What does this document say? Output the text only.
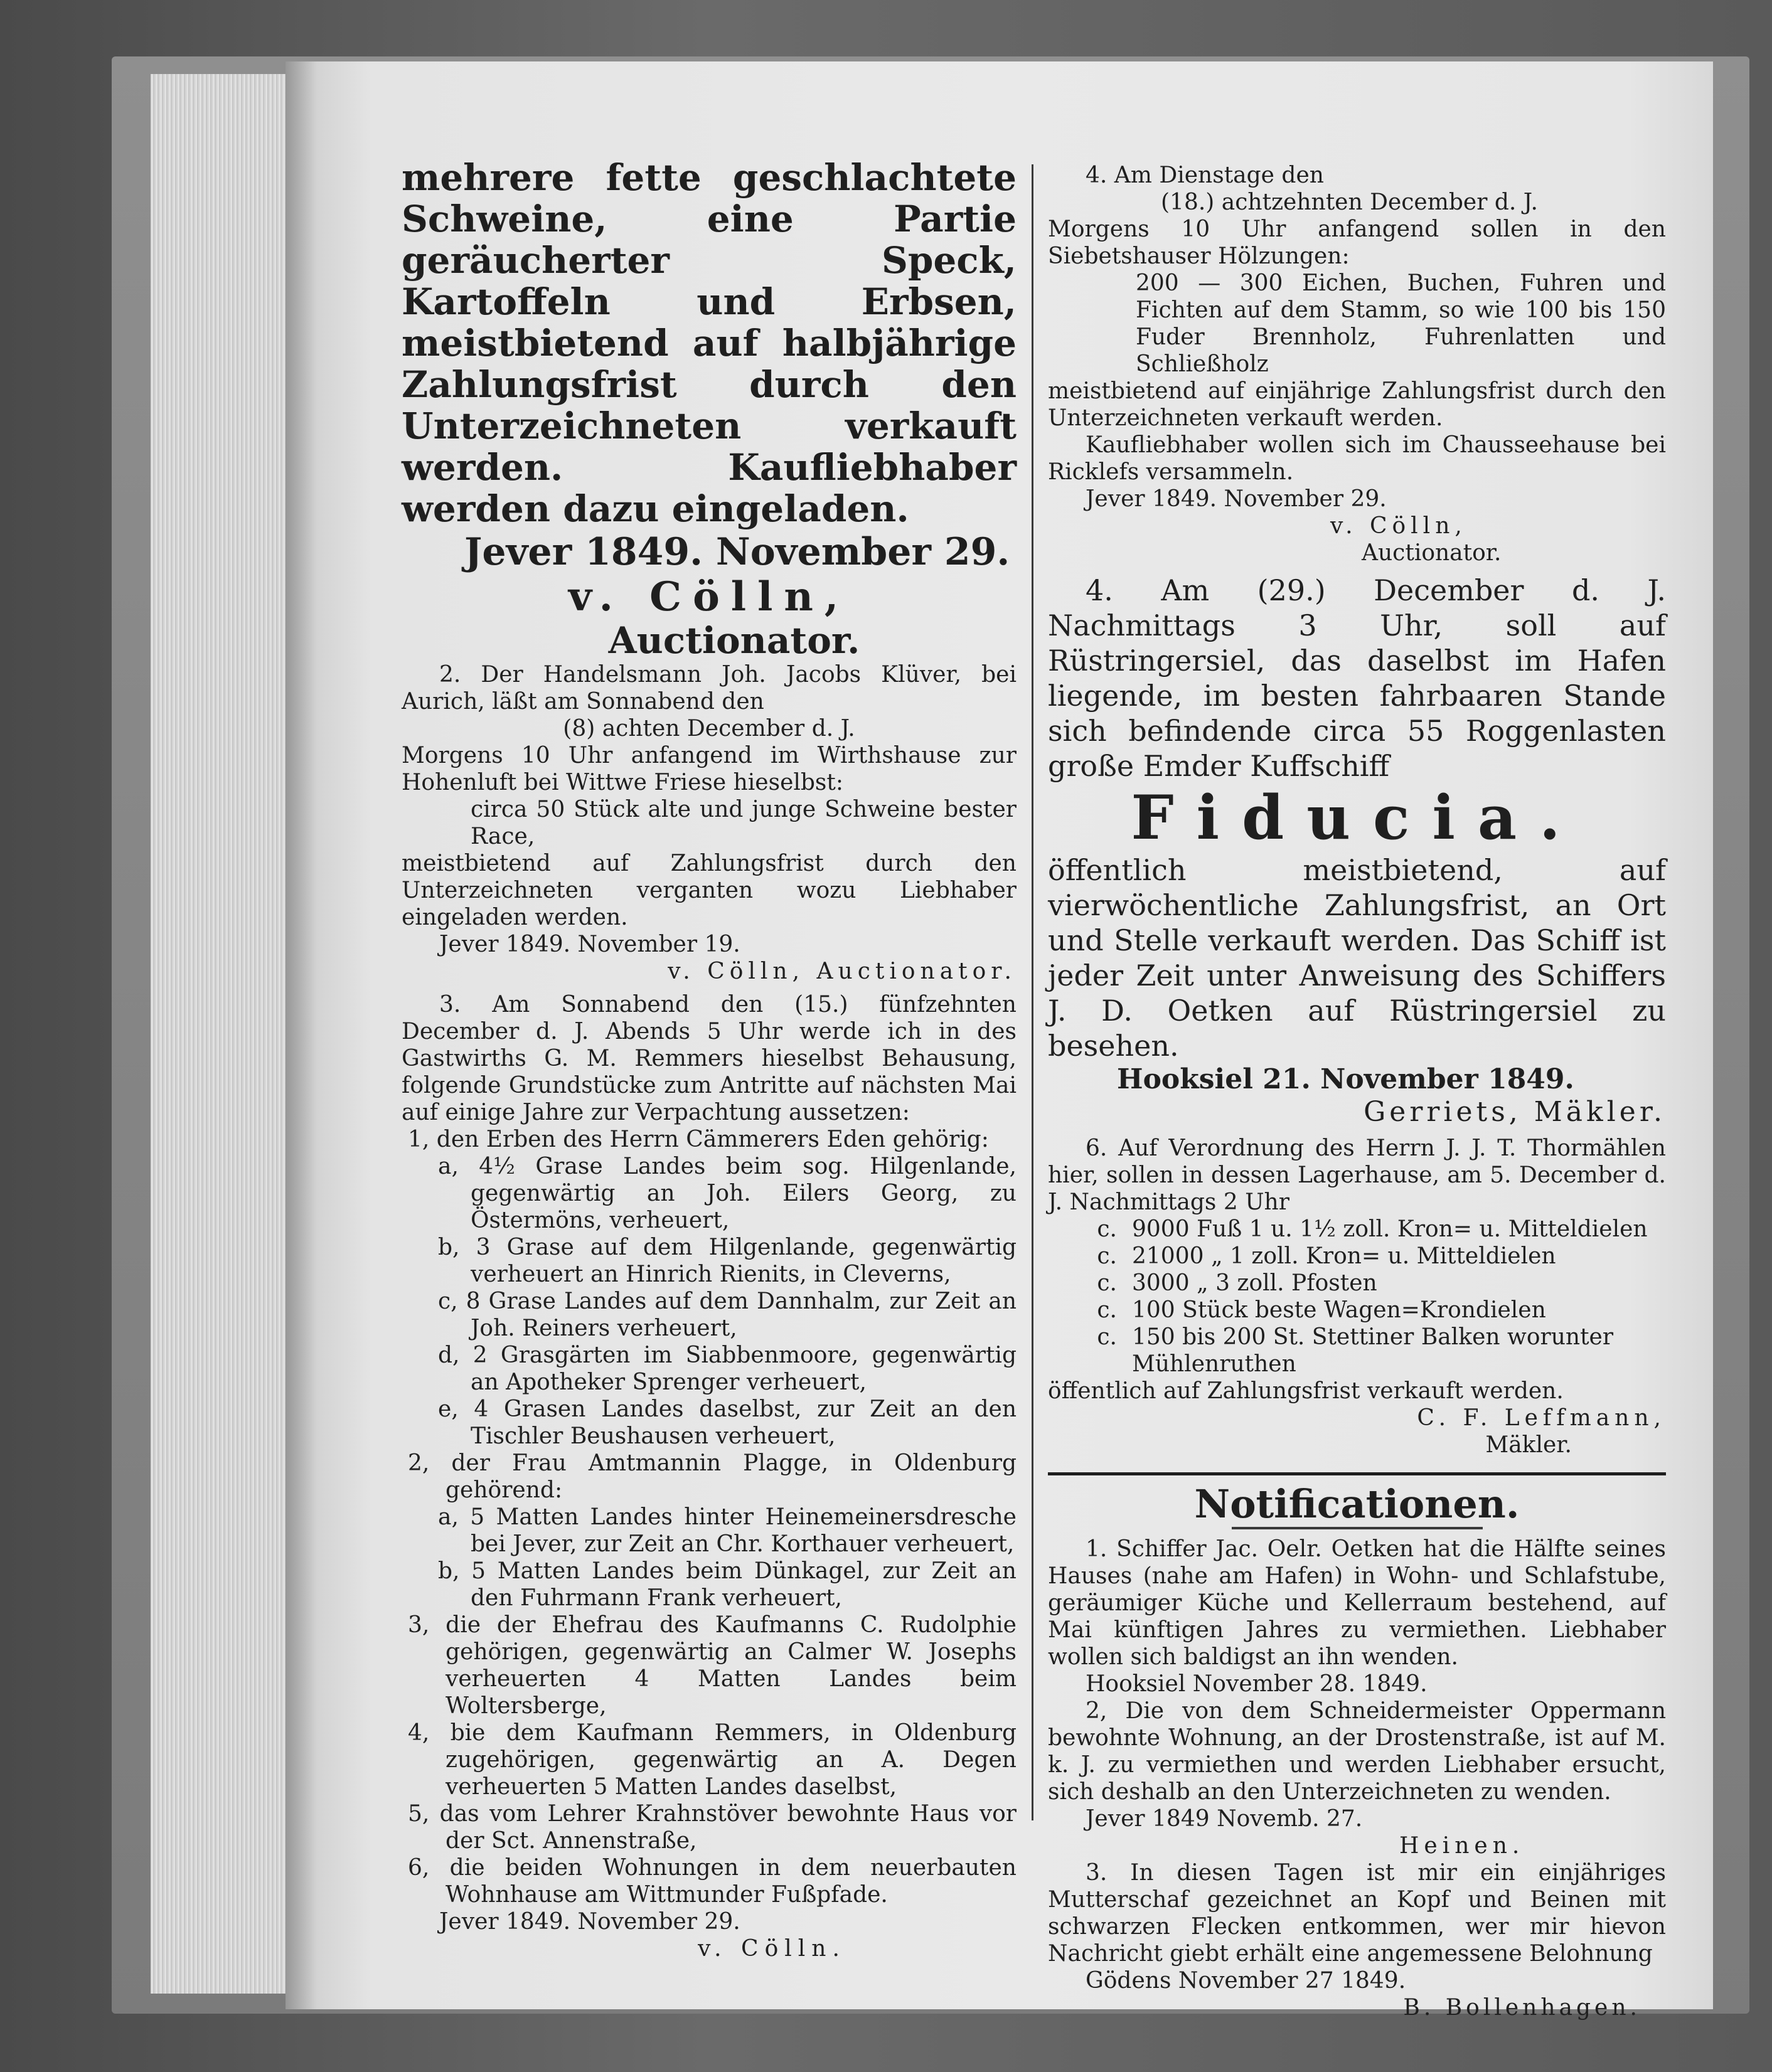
mehrere fette geschlachtete Schweine, eine Partie geräucherter Speck, Kartoffeln und Erbsen, meistbietend auf halbjährige Zahlungsfrist durch den Unterzeichneten verkauft werden. Kaufliebhaber werden dazu eingeladen.

Jever 1849. November 29.

v. Cölln,

Auctionator.

2. Der Handelsmann Joh. Jacobs Klüver, bei Aurich, läßt am Sonnabend den

(8) achten December d. J.

Morgens 10 Uhr anfangend im Wirthshause zur Hohenluft bei Wittwe Friese hieselbst:

circa 50 Stück alte und junge Schweine bester Race,

meistbietend auf Zahlungsfrist durch den Unterzeichneten verganten wozu Liebhaber eingeladen werden.

Jever 1849. November 19.

v. Cölln, Auctionator.

3. Am Sonnabend den (15.) fünfzehnten December d. J. Abends 5 Uhr werde ich in des Gastwirths G. M. Remmers hieselbst Behausung, folgende Grundstücke zum Antritte auf nächsten Mai auf einige Jahre zur Verpachtung aussetzen:

1, den Erben des Herrn Cämmerers Eden gehörig:

a, 4½ Grase Landes beim sog. Hilgenlande, gegenwärtig an Joh. Eilers Georg, zu Östermöns, verheuert,

b, 3 Grase auf dem Hilgenlande, gegenwärtig verheuert an Hinrich Rienits, in Cleverns,

c, 8 Grase Landes auf dem Dannhalm, zur Zeit an Joh. Reiners verheuert,

d, 2 Grasgärten im Siabbenmoore, gegenwärtig an Apotheker Sprenger verheuert,

e, 4 Grasen Landes daselbst, zur Zeit an den Tischler Beushausen verheuert,

2, der Frau Amtmannin Plagge, in Oldenburg gehörend:

a, 5 Matten Landes hinter Heinemeinersdresche bei Jever, zur Zeit an Chr. Korthauer verheuert,

b, 5 Matten Landes beim Dünkagel, zur Zeit an den Fuhrmann Frank verheuert,

3, die der Ehefrau des Kaufmanns C. Rudolphie gehörigen, gegenwärtig an Calmer W. Josephs verheuerten 4 Matten Landes beim Woltersberge,

4, bie dem Kaufmann Remmers, in Oldenburg zugehörigen, gegenwärtig an A. Degen verheuerten 5 Matten Landes daselbst,

5, das vom Lehrer Krahnstöver bewohnte Haus vor der Sct. Annenstraße,

6, die beiden Wohnungen in dem neuerbauten Wohnhause am Wittmunder Fußpfade.

Jever 1849. November 29.

v. Cölln.

4. Am Dienstage den

(18.) achtzehnten December d. J.

Morgens 10 Uhr anfangend sollen in den Siebetshauser Hölzungen:

200 — 300 Eichen, Buchen, Fuhren und Fichten auf dem Stamm, so wie 100 bis 150 Fuder Brennholz, Fuhrenlatten und Schließholz

meistbietend auf einjährige Zahlungsfrist durch den Unterzeichneten verkauft werden.

Kaufliebhaber wollen sich im Chausseehause bei Ricklefs versammeln.

Jever 1849. November 29.

v. Cölln,

Auctionator.

4. Am (29.) December d. J. Nachmittags 3 Uhr, soll auf Rüstringersiel, das daselbst im Hafen liegende, im besten fahrbaaren Stande sich befindende circa 55 Roggenlasten große Emder Kuffschiff

Fiducia.

öffentlich meistbietend, auf vierwöchentliche Zahlungsfrist, an Ort und Stelle verkauft werden. Das Schiff ist jeder Zeit unter Anweisung des Schiffers J. D. Oetken auf Rüstringersiel zu besehen.

Hooksiel 21. November 1849.

Gerriets, Mäkler.

6. Auf Verordnung des Herrn J. J. T. Thormählen hier, sollen in dessen Lagerhause, am 5. December d. J. Nachmittags 2 Uhr

c. 9000 Fuß 1 u. 1½ zoll. Kron= u. Mitteldielen
c. 21000 „ 1 zoll. Kron= u. Mitteldielen
c. 3000 „ 3 zoll. Pfosten
c. 100 Stück beste Wagen=Krondielen
c. 150 bis 200 St. Stettiner Balken worunter Mühlenruthen

öffentlich auf Zahlungsfrist verkauft werden.

C. F. Leffmann,

Mäkler.

Notificationen.

1. Schiffer Jac. Oelr. Oetken hat die Hälfte seines Hauses (nahe am Hafen) in Wohn- und Schlafstube, geräumiger Küche und Kellerraum bestehend, auf Mai künftigen Jahres zu vermiethen. Liebhaber wollen sich baldigst an ihn wenden.

Hooksiel November 28. 1849.

2, Die von dem Schneidermeister Oppermann bewohnte Wohnung, an der Drostenstraße, ist auf M. k. J. zu vermiethen und werden Liebhaber ersucht, sich deshalb an den Unterzeichneten zu wenden.

Jever 1849 Novemb. 27.

Heinen.

3. In diesen Tagen ist mir ein einjähriges Mutterschaf gezeichnet an Kopf und Beinen mit schwarzen Flecken entkommen, wer mir hievon Nachricht giebt erhält eine angemessene Belohnung

Gödens November 27 1849.

B. Bollenhagen.
